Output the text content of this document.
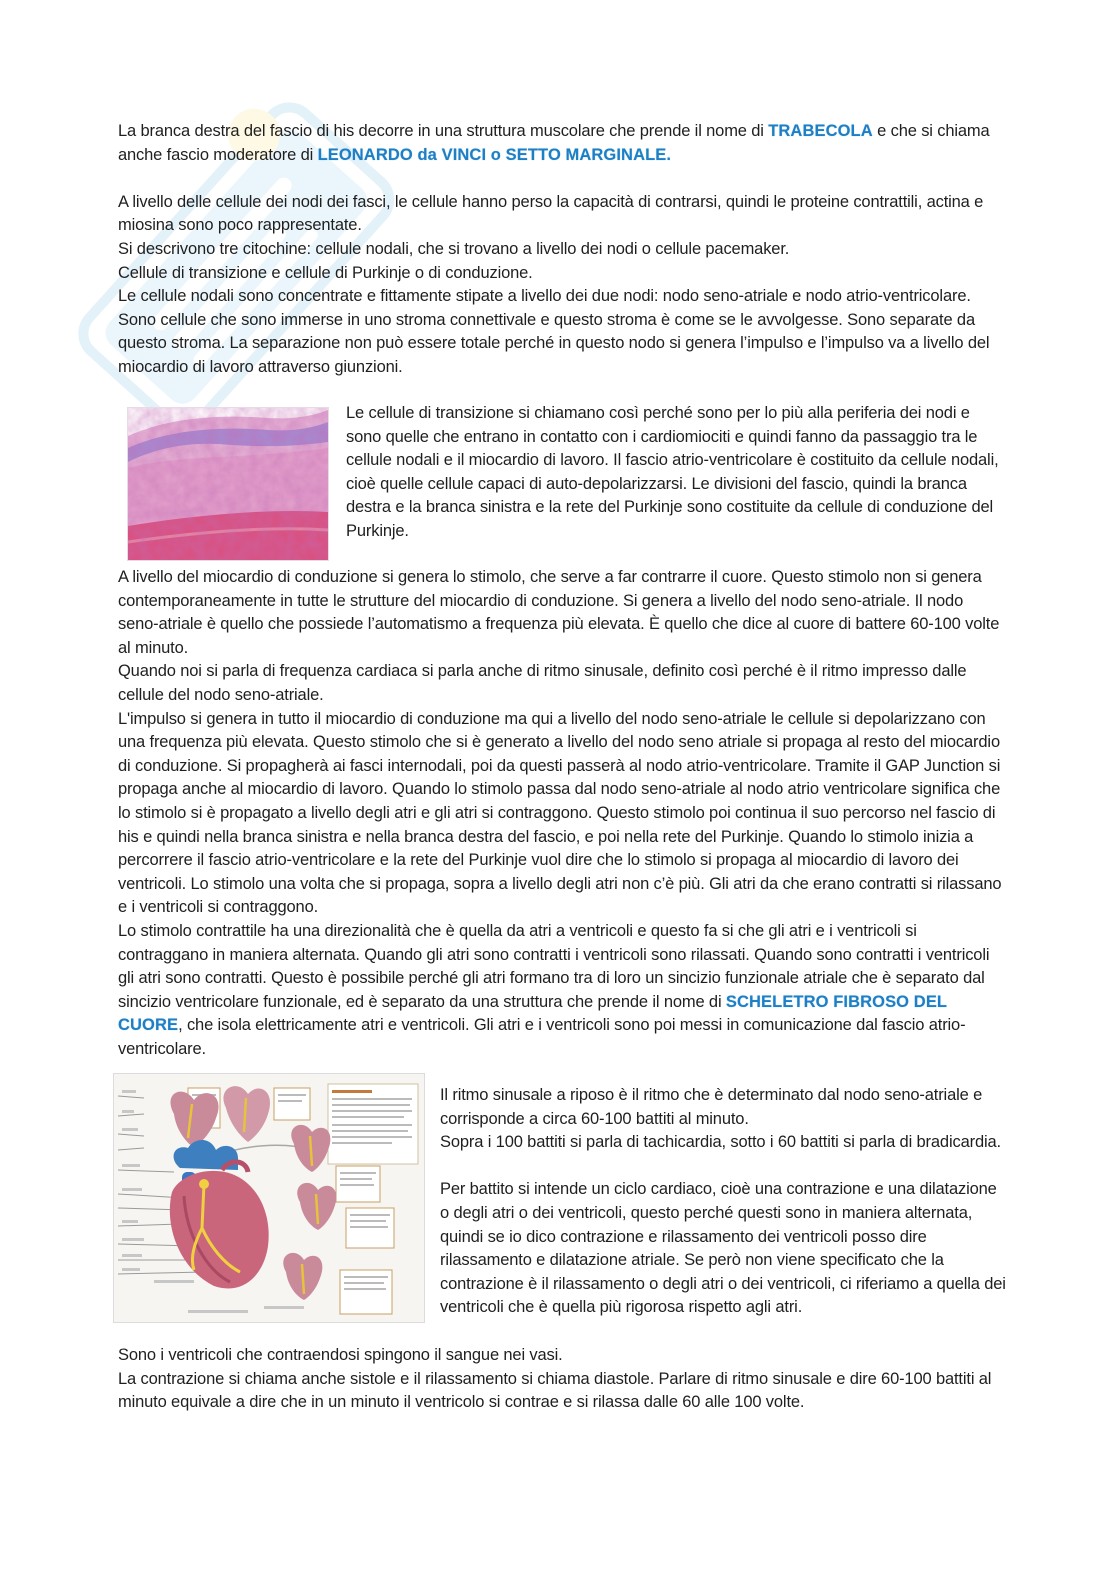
La branca destra del fascio di his decorre in una struttura muscolare che prende il nome di TRABECOLA e che si chiama anche fascio moderatore di LEONARDO da VINCI o SETTO MARGINALE.

A livello delle cellule dei nodi dei fasci, le cellule hanno perso la capacità di contrarsi, quindi le proteine contrattili, actina e miosina sono poco rappresentate.

Si descrivono tre citochine: cellule nodali, che si trovano a livello dei nodi o cellule pacemaker.

Cellule di transizione e cellule di Purkinje o di conduzione.

Le cellule nodali sono concentrate e fittamente stipate a livello dei due nodi: nodo seno-atriale e nodo atrio-ventricolare. Sono cellule che sono immerse in uno stroma connettivale e questo stroma è come se le avvolgesse. Sono separate da questo stroma. La separazione non può essere totale perché in questo nodo si genera l’impulso e l’impulso va a livello del miocardio di lavoro attraverso giunzioni.

Le cellule di transizione si chiamano così perché sono per lo più alla periferia dei nodi e sono quelle che entrano in contatto con i cardiomiociti e quindi fanno da passaggio tra le cellule nodali e il miocardio di lavoro. Il fascio atrio-ventricolare è costituito da cellule nodali, cioè quelle cellule capaci di auto-depolarizzarsi. Le divisioni del fascio, quindi la branca destra e la branca sinistra e la rete del Purkinje sono costituite da cellule di conduzione del Purkinje.

A livello del miocardio di conduzione si genera lo stimolo, che serve a far contrarre il cuore. Questo stimolo non si genera contemporaneamente in tutte le strutture del miocardio di conduzione. Si genera a livello del nodo seno-atriale. Il nodo seno-atriale è quello che possiede l’automatismo a frequenza più elevata. È quello che dice al cuore di battere 60-100 volte al minuto.

Quando noi si parla di frequenza cardiaca si parla anche di ritmo sinusale, definito così perché è il ritmo impresso dalle cellule del nodo seno-atriale.

L'impulso si genera in tutto il miocardio di conduzione ma qui a livello del nodo seno-atriale le cellule si depolarizzano con una frequenza più elevata. Questo stimolo che si è generato a livello del nodo seno atriale si propaga al resto del miocardio di conduzione. Si propagherà ai fasci internodali, poi da questi passerà al nodo atrio-ventricolare. Tramite il GAP Junction si propaga anche al miocardio di lavoro. Quando lo stimolo passa dal nodo seno-atriale al nodo atrio ventricolare significa che lo stimolo si è propagato a livello degli atri e gli atri si contraggono. Questo stimolo poi continua il suo percorso nel fascio di his e quindi nella branca sinistra e nella branca destra del fascio, e poi nella rete del Purkinje. Quando lo stimolo inizia a percorrere il fascio atrio-ventricolare e la rete del Purkinje vuol dire che lo stimolo si propaga al miocardio di lavoro dei ventricoli. Lo stimolo una volta che si propaga, sopra a livello degli atri non c’è più. Gli atri da che erano contratti si rilassano e i ventricoli si contraggono.

Lo stimolo contrattile ha una direzionalità che è quella da atri a ventricoli e questo fa si che gli atri e i ventricoli si contraggano in maniera alternata. Quando gli atri sono contratti i ventricoli sono rilassati. Quando sono contratti i ventricoli gli atri sono contratti. Questo è possibile perché gli atri formano tra di loro un sincizio funzionale atriale che è separato dal sincizio ventricolare funzionale, ed è separato da una struttura che prende il nome di SCHELETRO FIBROSO DEL CUORE, che isola elettricamente atri e ventricoli. Gli atri e i ventricoli sono poi messi in comunicazione dal fascio atrio-ventricolare.

Il ritmo sinusale a riposo è il ritmo che è determinato dal nodo seno-atriale e corrisponde a circa 60-100 battiti al minuto.

Sopra i 100 battiti si parla di tachicardia, sotto i 60 battiti si parla di bradicardia.

Per battito si intende un ciclo cardiaco, cioè una contrazione e una dilatazione o degli atri o dei ventricoli, questo perché questi sono in maniera alternata, quindi se io dico contrazione e rilassamento dei ventricoli posso dire rilassamento e dilatazione atriale. Se però non viene specificato che la contrazione è il rilassamento o degli atri o dei ventricoli, ci riferiamo a quella dei ventricoli che è quella più rigorosa rispetto agli atri.

Sono i ventricoli che contraendosi spingono il sangue nei vasi.

La contrazione si chiama anche sistole e il rilassamento si chiama diastole. Parlare di ritmo sinusale e dire 60-100 battiti al minuto equivale a dire che in un minuto il ventricolo si contrae e si rilassa dalle 60 alle 100 volte.
